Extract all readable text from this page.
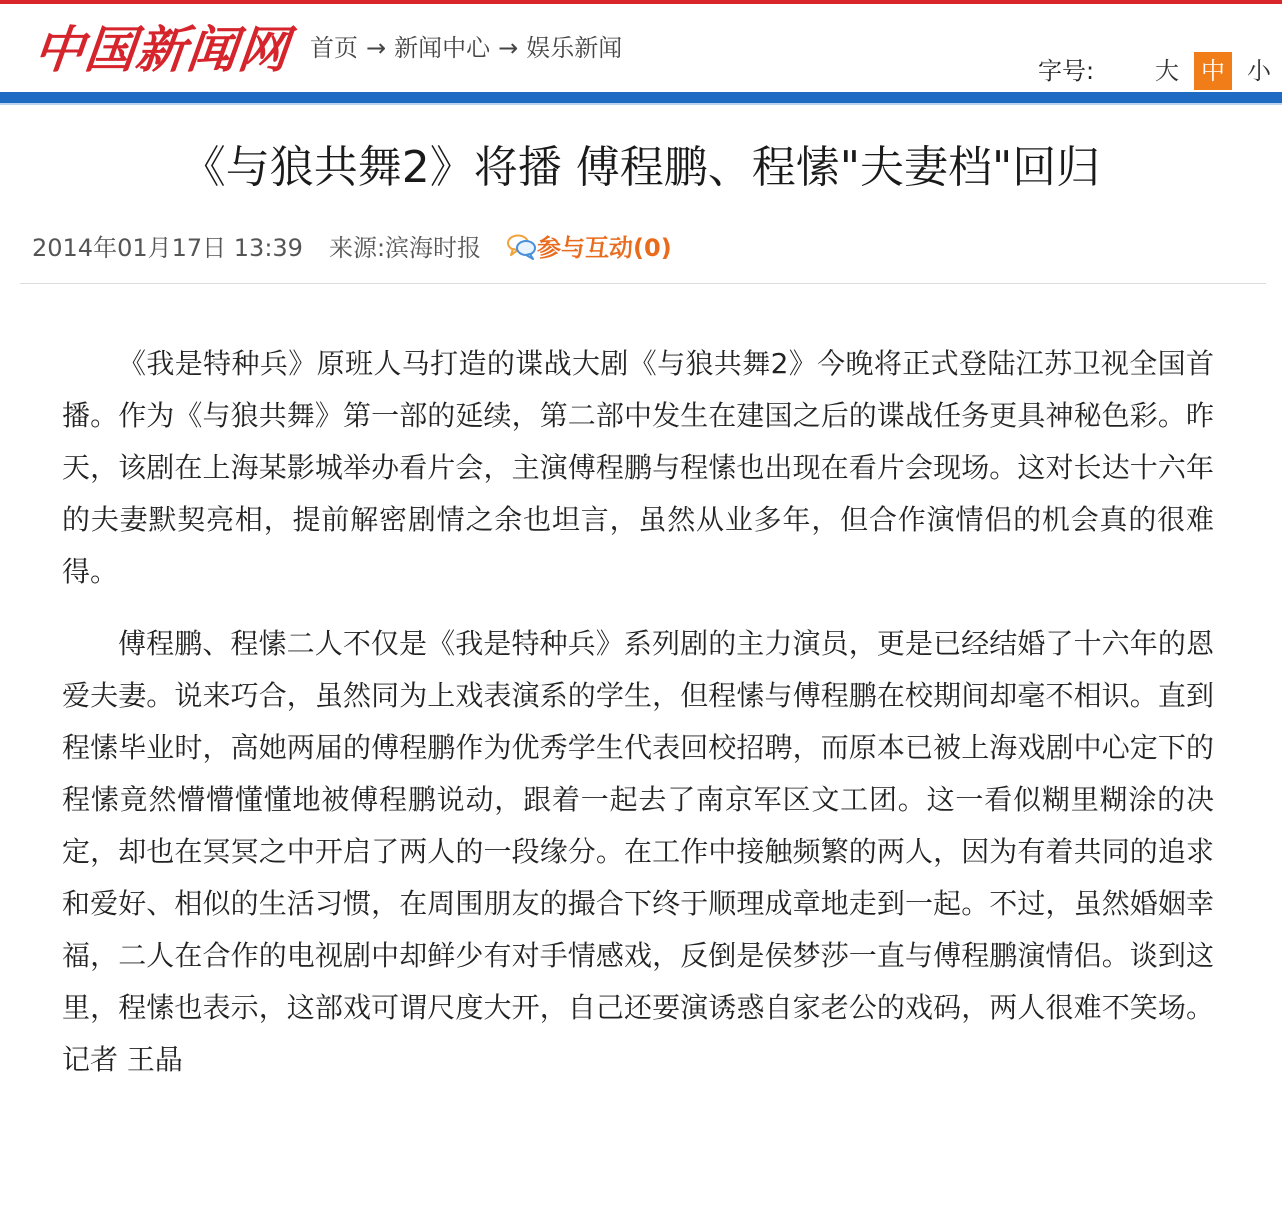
中国新闻网 首页 → 新闻中心 → 娱乐新闻
字号:	大 中 小
《与狼共舞2》将播 傅程鹏、程愫"夫妻档"回归
2014年01月17日 13:39 来源:滨海时报 参与互动(0)

《我是特种兵》原班人马打造的谍战大剧《与狼共舞2》今晚将正式登陆江苏卫视全国首播。作为《与狼共舞》第一部的延续，第二部中发生在建国之后的谍战任务更具神秘色彩。昨天，该剧在上海某影城举办看片会，主演傅程鹏与程愫也出现在看片会现场。这对长达十六年的夫妻默契亮相，提前解密剧情之余也坦言，虽然从业多年，但合作演情侣的机会真的很难得。

傅程鹏、程愫二人不仅是《我是特种兵》系列剧的主力演员，更是已经结婚了十六年的恩爱夫妻。说来巧合，虽然同为上戏表演系的学生，但程愫与傅程鹏在校期间却毫不相识。直到程愫毕业时，高她两届的傅程鹏作为优秀学生代表回校招聘，而原本已被上海戏剧中心定下的程愫竟然懵懵懂懂地被傅程鹏说动，跟着一起去了南京军区文工团。这一看似糊里糊涂的决定，却也在冥冥之中开启了两人的一段缘分。在工作中接触频繁的两人，因为有着共同的追求和爱好、相似的生活习惯，在周围朋友的撮合下终于顺理成章地走到一起。不过，虽然婚姻幸福，二人在合作的电视剧中却鲜少有对手情感戏，反倒是侯梦莎一直与傅程鹏演情侣。谈到这里，程愫也表示，这部戏可谓尺度大开，自己还要演诱惑自家老公的戏码，两人很难不笑场。记者 王晶
